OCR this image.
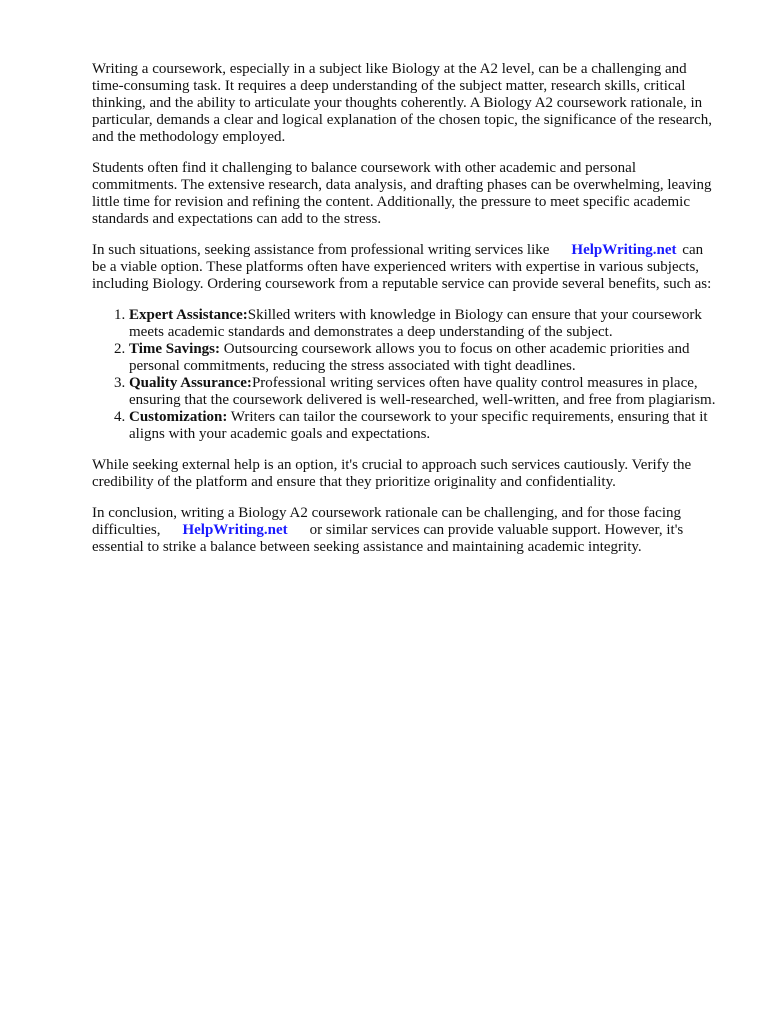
Writing a coursework, especially in a subject like Biology at the A2 level, can be a challenging and time-consuming task. It requires a deep understanding of the subject matter, research skills, critical thinking, and the ability to articulate your thoughts coherently. A Biology A2 coursework rationale, in particular, demands a clear and logical explanation of the chosen topic, the significance of the research, and the methodology employed.

Students often find it challenging to balance coursework with other academic and personal commitments. The extensive research, data analysis, and drafting phases can be overwhelming, leaving little time for revision and refining the content. Additionally, the pressure to meet specific academic standards and expectations can add to the stress.

In such situations, seeking assistance from professional writing services like HelpWriting.net can be a viable option. These platforms often have experienced writers with expertise in various subjects, including Biology. Ordering coursework from a reputable service can provide several benefits, such as:

1. Expert Assistance:Skilled writers with knowledge in Biology can ensure that your coursework meets academic standards and demonstrates a deep understanding of the subject.
2. Time Savings: Outsourcing coursework allows you to focus on other academic priorities and personal commitments, reducing the stress associated with tight deadlines.
3. Quality Assurance:Professional writing services often have quality control measures in place, ensuring that the coursework delivered is well-researched, well-written, and free from plagiarism.
4. Customization: Writers can tailor the coursework to your specific requirements, ensuring that it aligns with your academic goals and expectations.

While seeking external help is an option, it's crucial to approach such services cautiously. Verify the credibility of the platform and ensure that they prioritize originality and confidentiality.

In conclusion, writing a Biology A2 coursework rationale can be challenging, and for those facing difficulties, HelpWriting.net or similar services can provide valuable support. However, it's essential to strike a balance between seeking assistance and maintaining academic integrity.
